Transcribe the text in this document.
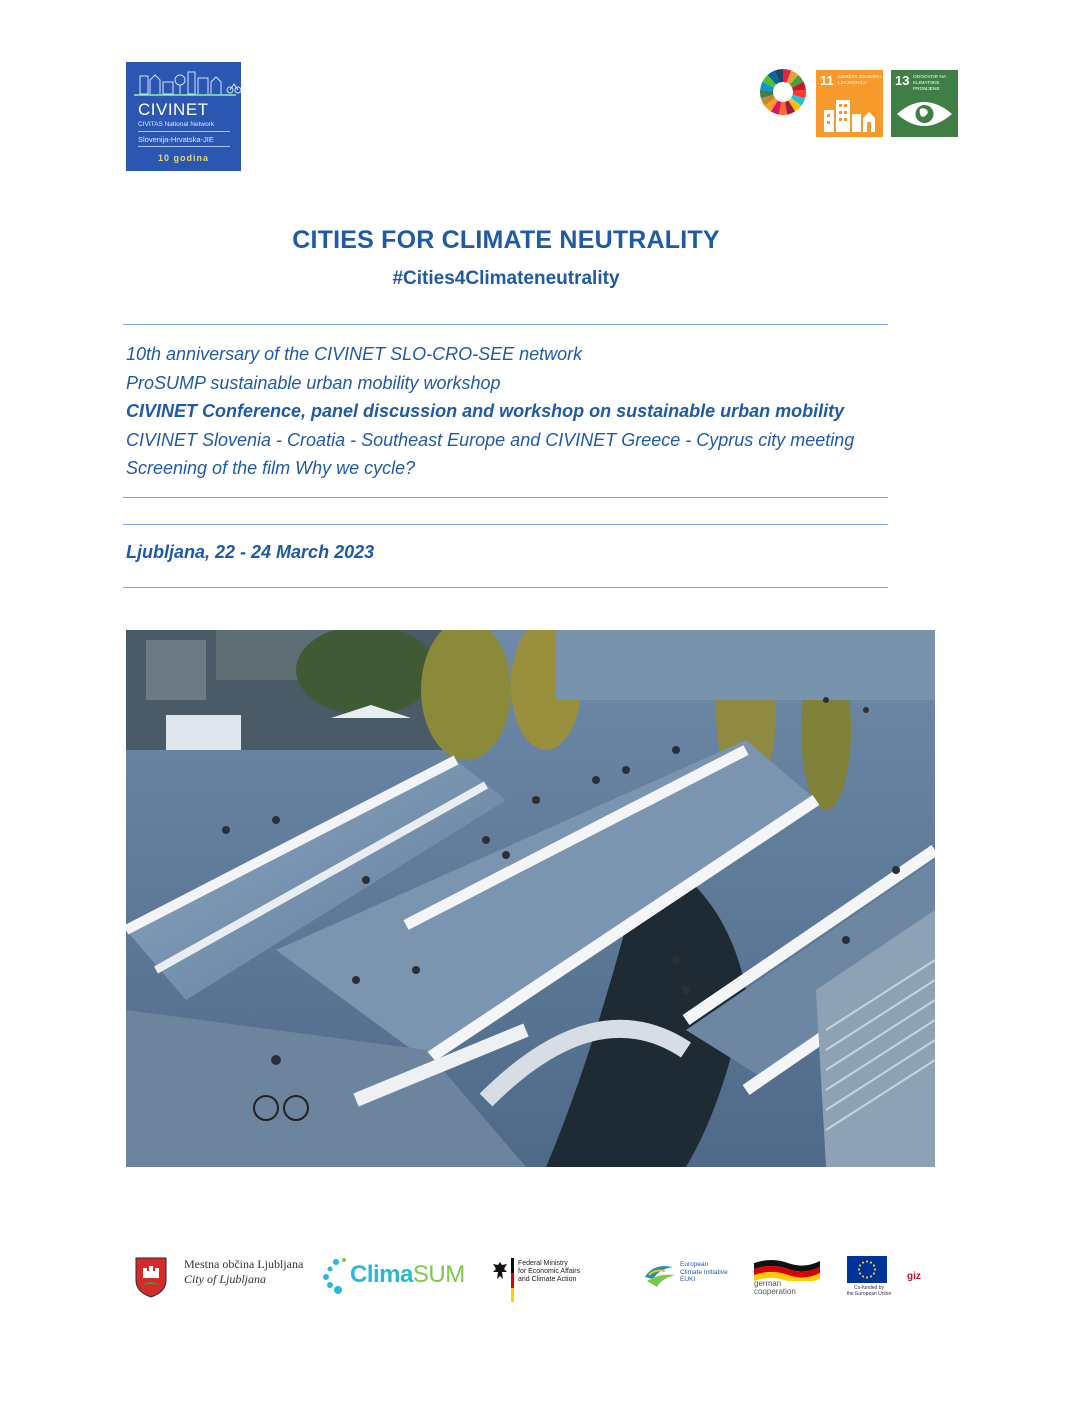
CIVINET
CIVITAS National Network
Slovenija-Hrvatska-JIE
10 godina
11 ODRŽIVI GRADOVI I ZAJEDNICE	13 ODGOVOR NA KLIMATSKE PROMJENE
CITIES FOR CLIMATE NEUTRALITY
#Cities4Climateneutrality
10th anniversary of the CIVINET SLO-CRO-SEE network
ProSUMP sustainable urban mobility workshop
CIVINET Conference, panel discussion and workshop on sustainable urban mobility
CIVINET Slovenia - Croatia - Southeast Europe and CIVINET Greece - Cyprus city meeting
Screening of the film Why we cycle?
Ljubljana, 22 - 24 March 2023
Mestna občina Ljubljana
City of Ljubljana	ClimaSUM	Federal Ministry
for Economic Affairs
and Climate Action
European
Climate Initiative
EUKI	german
cooperation	Co-funded by
the European Union
giz
